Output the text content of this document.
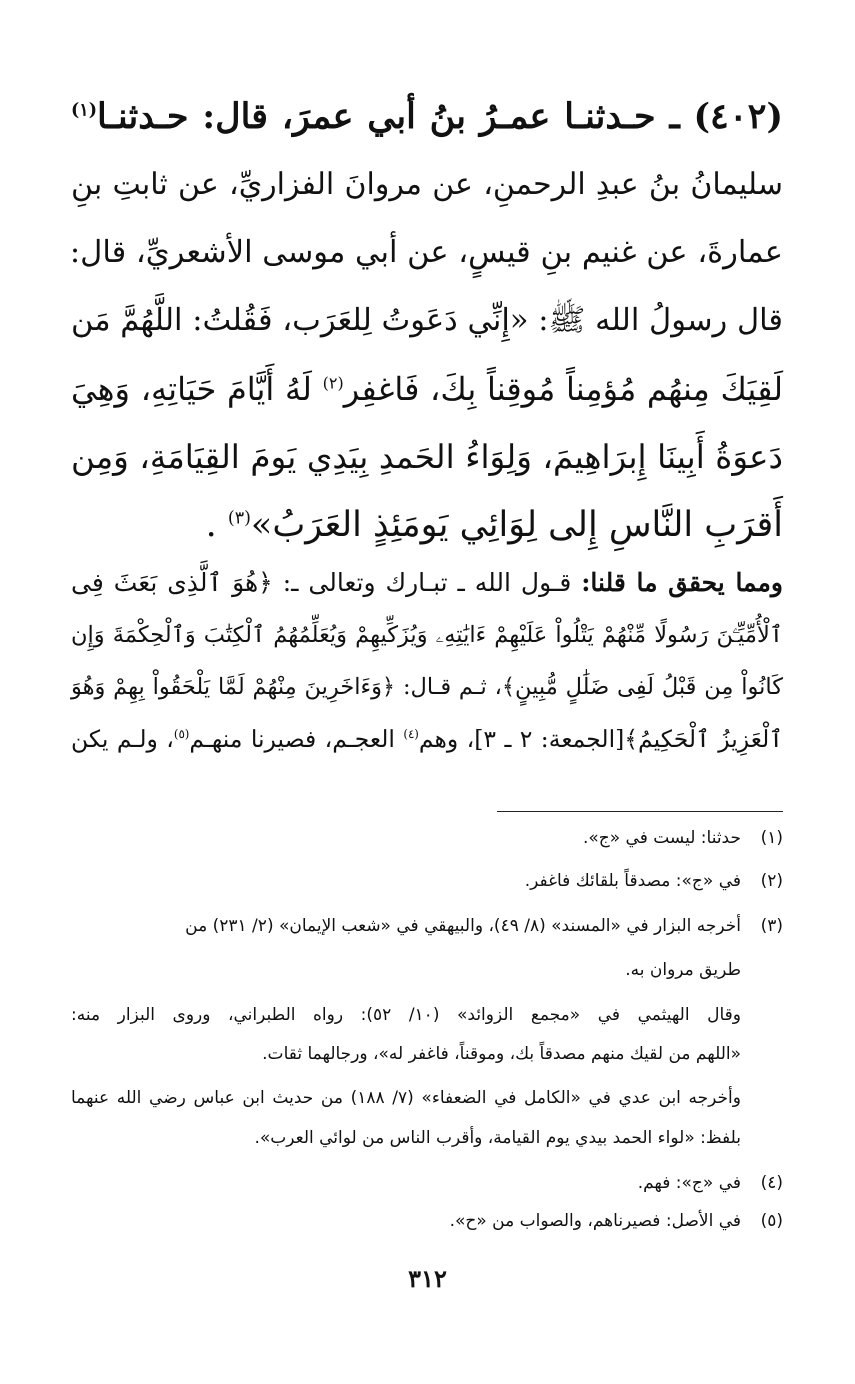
(٤٠٢) ـ حـدثنـا عمـرُ بنُ أبي عمرَ، قال: حـدثنـا$^{(١)}$
سليمانُ بنُ عبدِ الرحمنِ، عن مروانَ الفزاريِّ، عن ثابتِ بنِ
عمارةَ، عن غنيم بنِ قيسٍ، عن أبي موسى الأشعريِّ، قال:
قال رسولُ الله ﷺ: «إِنِّي دَعَوتُ لِلعَرَب، فَقُلتُ: اللَّهُمَّ مَن
لَقِيَكَ مِنهُم مُؤمِناً مُوقِناً بِكَ، فَاغفِر$^{(٢)}$ لَهُ أَيَّامَ حَيَاتِهِ، وَهِيَ
دَعوَةُ أَبِينَا إِبرَاهِيمَ، وَلِوَاءُ الحَمدِ بِيَدِي يَومَ القِيَامَةِ، وَمِن
أَقرَبِ النَّاسِ إِلى لِوَائِي يَومَئِذٍ العَرَبُ»$^{(٣)}$ .
ومما يحقق ما قلنا: قـول الله ـ تبـارك وتعالى ـ: ﴿هُوَ ٱلَّذِى بَعَثَ فِى
ٱلْأُمِّيِّـۧنَ رَسُولًا مِّنْهُمْ يَتْلُواْ عَلَيْهِمْ ءَايَٰتِهِۦ وَيُزَكِّيهِمْ وَيُعَلِّمُهُمُ ٱلْكِتَٰبَ وَٱلْحِكْمَةَ وَإِن
كَانُواْ مِن قَبْلُ لَفِى ضَلَٰلٍ مُّبِينٍ﴾، ثـم قـال: ﴿وَءَاخَرِينَ مِنْهُمْ لَمَّا يَلْحَقُواْ بِهِمْ وَهُوَ
ٱلْعَزِيزُ ٱلْحَكِيمُ﴾[الجمعة: ٢ ـ ٣]، وهم$^{(٤)}$ العجـم، فصيرنا منهـم$^{(٥)}$، ولـم يكن
(١)حدثنا: ليست في «ج».
(٢)في «ج»: مصدقاً بلقائك فاغفر.
(٣)أخرجه البزار في «المسند» (٨/ ٤٩)، والبيهقي في «شعب الإيمان» (٢/ ٢٣١) من
طريق مروان به.
وقال الهيثمي في «مجمع الزوائد» (١٠/ ٥٢): رواه الطبراني، وروى البزار منه:
«اللهم من لقيك منهم مصدقاً بك، وموقناً، فاغفر له»، ورجالهما ثقات.
وأخرجه ابن عدي في «الكامل في الضعفاء» (٧/ ١٨٨) من حديث ابن عباس رضي الله عنهما
بلفظ: «لواء الحمد بيدي يوم القيامة، وأقرب الناس من لوائي العرب».
(٤)في «ج»: فهم.
(٥)في الأصل: فصيرناهم، والصواب من «ح».
٣١٢
